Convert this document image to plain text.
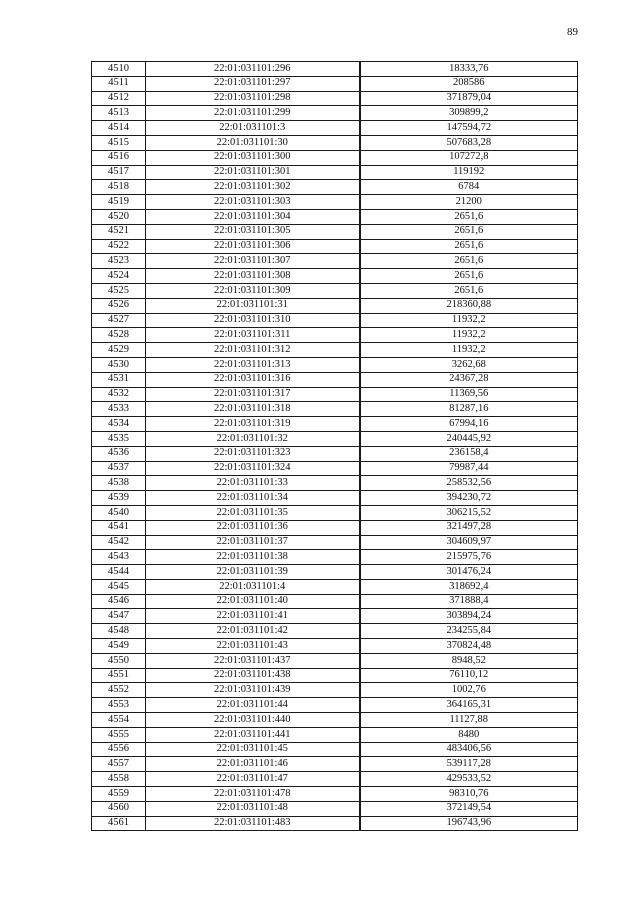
89
4510	22:01:031101:296	18333,76
4511	22:01:031101:297	208586
4512	22:01:031101:298	371879,04
4513	22:01:031101:299	309899,2
4514	22:01:031101:3	147594,72
4515	22:01:031101:30	507683,28
4516	22:01:031101:300	107272,8
4517	22:01:031101:301	119192
4518	22:01:031101:302	6784
4519	22:01:031101:303	21200
4520	22:01:031101:304	2651,6
4521	22:01:031101:305	2651,6
4522	22:01:031101:306	2651,6
4523	22:01:031101:307	2651,6
4524	22:01:031101:308	2651,6
4525	22:01:031101:309	2651,6
4526	22:01:031101:31	218360,88
4527	22:01:031101:310	11932,2
4528	22:01:031101:311	11932,2
4529	22:01:031101:312	11932,2
4530	22:01:031101:313	3262,68
4531	22:01:031101:316	24367,28
4532	22:01:031101:317	11369,56
4533	22:01:031101:318	81287,16
4534	22:01:031101:319	67994,16
4535	22:01:031101:32	240445,92
4536	22:01:031101:323	236158,4
4537	22:01:031101:324	79987,44
4538	22:01:031101:33	258532,56
4539	22:01:031101:34	394230,72
4540	22:01:031101:35	306215,52
4541	22:01:031101:36	321497,28
4542	22:01:031101:37	304609,97
4543	22:01:031101:38	215975,76
4544	22:01:031101:39	301476,24
4545	22:01:031101:4	318692,4
4546	22:01:031101:40	371888,4
4547	22:01:031101:41	303894,24
4548	22:01:031101:42	234255,84
4549	22:01:031101:43	370824,48
4550	22:01:031101:437	8948,52
4551	22:01:031101:438	76110,12
4552	22:01:031101:439	1002,76
4553	22:01:031101:44	364165,31
4554	22:01:031101:440	11127,88
4555	22:01:031101:441	8480
4556	22:01:031101:45	483406,56
4557	22:01:031101:46	539117,28
4558	22:01:031101:47	429533,52
4559	22:01:031101:478	98310,76
4560	22:01:031101:48	372149,54
4561	22:01:031101:483	196743,96
